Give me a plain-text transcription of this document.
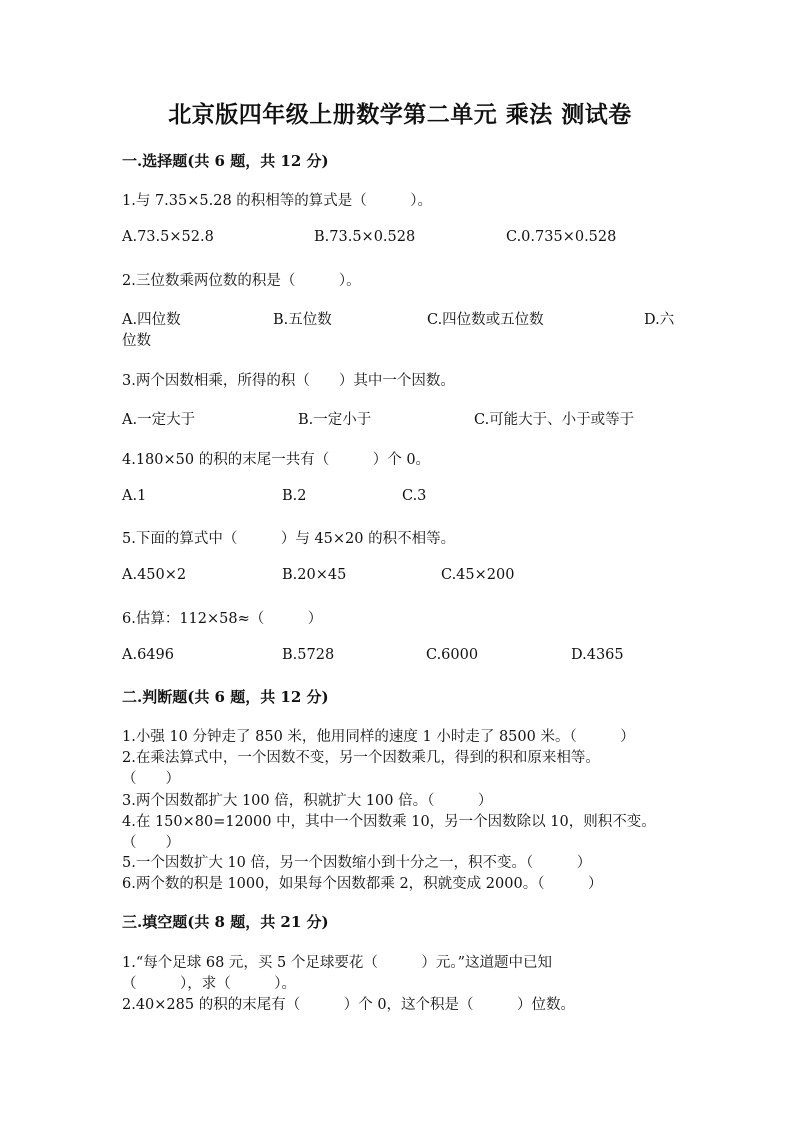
北京版四年级上册数学第二单元 乘法 测试卷
一.选择题(共 6 题，共 12 分)
1.与 7.35×5.28 的积相等的算式是（　　　）。
A.73.5×52.8	B.73.5×0.528	C.0.735×0.528
2.三位数乘两位数的积是（　　　）。
A.四位数	B.五位数	C.四位数或五位数	D.六
位数
3.两个因数相乘，所得的积（　　）其中一个因数。
A.一定大于	B.一定小于	C.可能大于、小于或等于
4.180×50 的积的末尾一共有（　　　）个 0。
A.1	B.2	C.3
5.下面的算式中（　　　）与 45×20 的积不相等。
A.450×2	B.20×45	C.45×200
6.估算：112×58≈（　　　）
A.6496	B.5728	C.6000	D.4365
二.判断题(共 6 题，共 12 分)
1.小强 10 分钟走了 850 米，他用同样的速度 1 小时走了 8500 米。（　　　）
2.在乘法算式中，一个因数不变，另一个因数乘几，得到的积和原来相等。
（　　）
3.两个因数都扩大 100 倍，积就扩大 100 倍。（　　　）
4.在 150×80=12000 中，其中一个因数乘 10，另一个因数除以 10，则积不变。
（　　）
5.一个因数扩大 10 倍，另一个因数缩小到十分之一，积不变。（　　　）
6.两个数的积是 1000，如果每个因数都乘 2，积就变成 2000。（　　　）
三.填空题(共 8 题，共 21 分)
1.“每个足球 68 元，买 5 个足球要花（　　　）元。”这道题中已知
（　　　），求（　　　）。
2.40×285 的积的末尾有（　　　）个 0，这个积是（　　　）位数。
